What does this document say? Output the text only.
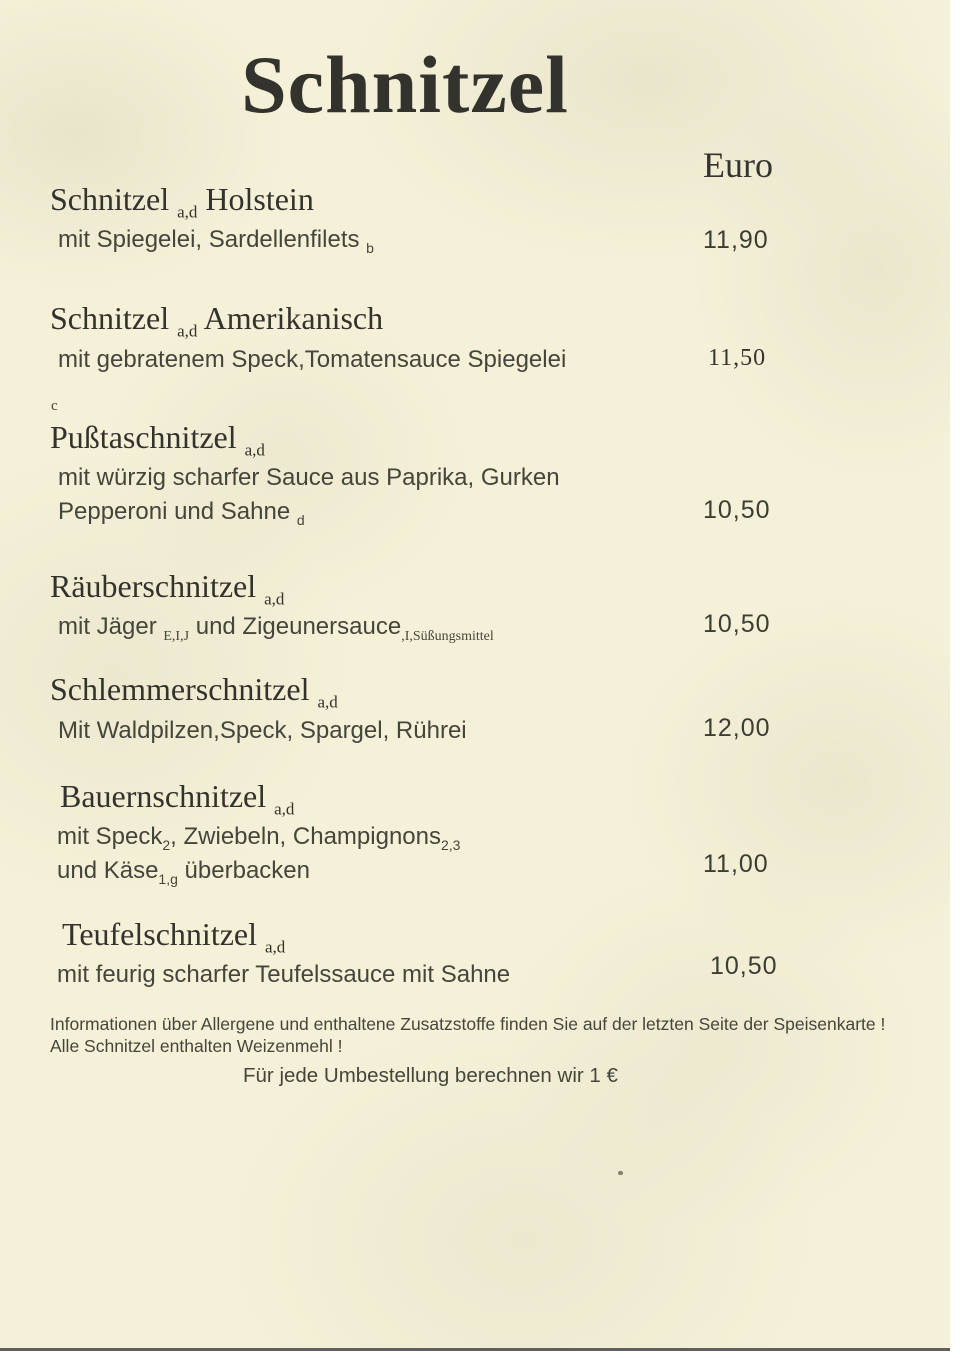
Schnitzel
Euro
Schnitzel $_{a,d}$ Holstein
mit Spiegelei, Sardellenfilets $_b$	11,90
Schnitzel $_{a,d}$ Amerikanisch
mit gebratenem Speck,Tomatensauce Spiegelei	11,50
c
Pußtaschnitzel $_{a,d}$
mit würzig scharfer Sauce aus Paprika, Gurken
Pepperoni und Sahne $_d$	10,50
Räuberschnitzel $_{a,d}$
mit Jäger $_{E,I,J}$ und Zigeunersauce$_{,I,Süßungsmittel}$	10,50
Schlemmerschnitzel $_{a,d}$
Mit Waldpilzen,Speck, Spargel, Rührei	12,00
Bauernschnitzel $_{a,d}$
mit Speck$_2$, Zwiebeln, Champignons$_{2,3}$
und Käse$_{1,g}$ überbacken	11,00
Teufelschnitzel $_{a,d}$
mit feurig scharfer Teufelssauce mit Sahne	10,50
Informationen über Allergene und enthaltene Zusatzstoffe finden Sie auf der letzten Seite der Speisenkarte ! Alle Schnitzel enthalten Weizenmehl !
Für jede Umbestellung berechnen wir 1 €
